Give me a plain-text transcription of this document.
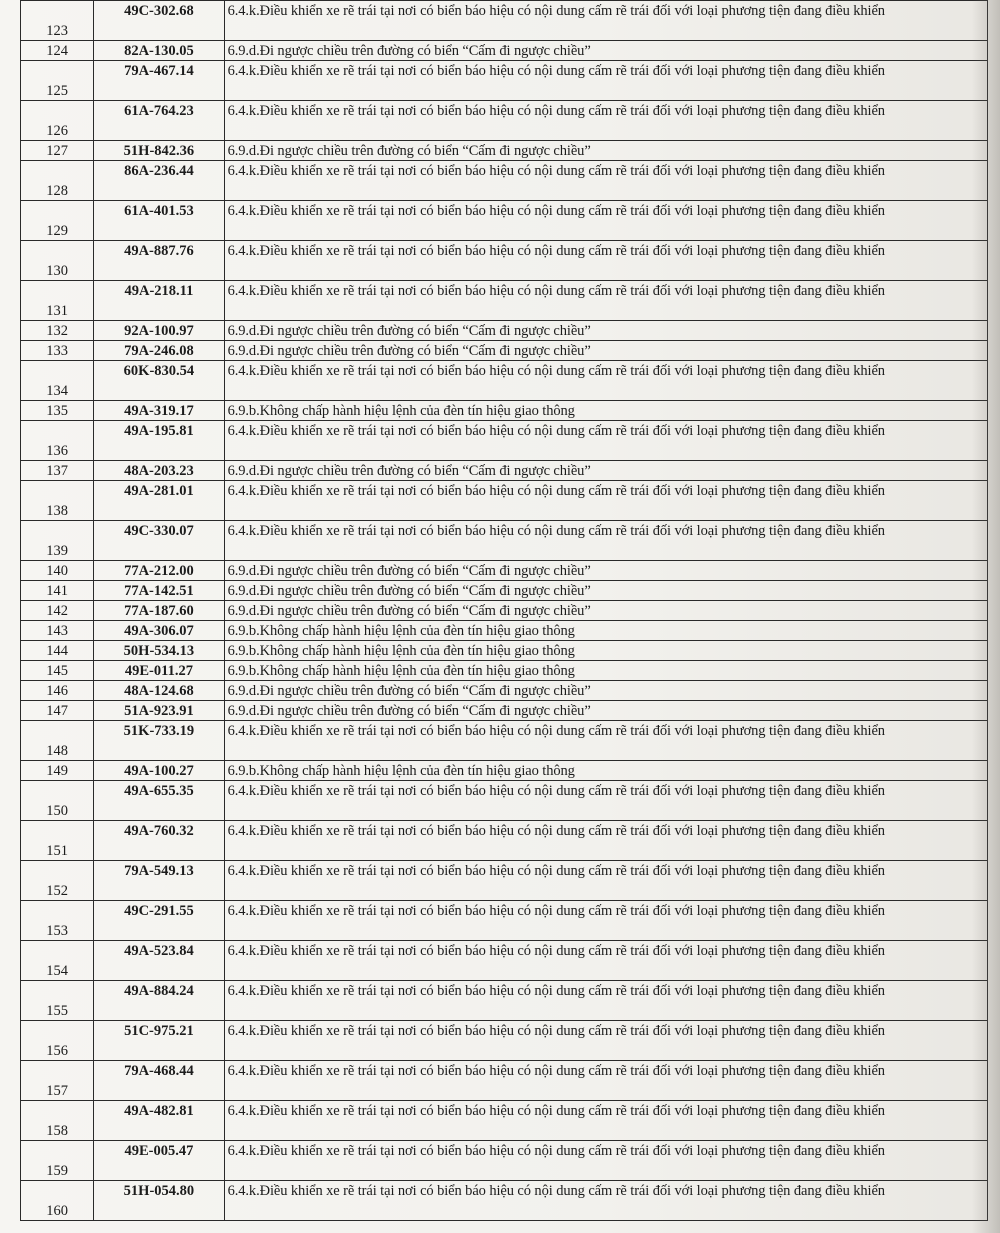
123	49C-302.68	6.4.k.Điều khiển xe rẽ trái tại nơi có biển báo hiệu có nội dung cấm rẽ trái đối với loại phương tiện đang điều khiển
124	82A-130.05	6.9.d.Đi ngược chiều trên đường có biển “Cấm đi ngược chiều”
125	79A-467.14	6.4.k.Điều khiển xe rẽ trái tại nơi có biển báo hiệu có nội dung cấm rẽ trái đối với loại phương tiện đang điều khiển
126	61A-764.23	6.4.k.Điều khiển xe rẽ trái tại nơi có biển báo hiệu có nội dung cấm rẽ trái đối với loại phương tiện đang điều khiển
127	51H-842.36	6.9.d.Đi ngược chiều trên đường có biển “Cấm đi ngược chiều”
128	86A-236.44	6.4.k.Điều khiển xe rẽ trái tại nơi có biển báo hiệu có nội dung cấm rẽ trái đối với loại phương tiện đang điều khiển
129	61A-401.53	6.4.k.Điều khiển xe rẽ trái tại nơi có biển báo hiệu có nội dung cấm rẽ trái đối với loại phương tiện đang điều khiển
130	49A-887.76	6.4.k.Điều khiển xe rẽ trái tại nơi có biển báo hiệu có nội dung cấm rẽ trái đối với loại phương tiện đang điều khiển
131	49A-218.11	6.4.k.Điều khiển xe rẽ trái tại nơi có biển báo hiệu có nội dung cấm rẽ trái đối với loại phương tiện đang điều khiển
132	92A-100.97	6.9.d.Đi ngược chiều trên đường có biển “Cấm đi ngược chiều”
133	79A-246.08	6.9.d.Đi ngược chiều trên đường có biển “Cấm đi ngược chiều”
134	60K-830.54	6.4.k.Điều khiển xe rẽ trái tại nơi có biển báo hiệu có nội dung cấm rẽ trái đối với loại phương tiện đang điều khiển
135	49A-319.17	6.9.b.Không chấp hành hiệu lệnh của đèn tín hiệu giao thông
136	49A-195.81	6.4.k.Điều khiển xe rẽ trái tại nơi có biển báo hiệu có nội dung cấm rẽ trái đối với loại phương tiện đang điều khiển
137	48A-203.23	6.9.d.Đi ngược chiều trên đường có biển “Cấm đi ngược chiều”
138	49A-281.01	6.4.k.Điều khiển xe rẽ trái tại nơi có biển báo hiệu có nội dung cấm rẽ trái đối với loại phương tiện đang điều khiển
139	49C-330.07	6.4.k.Điều khiển xe rẽ trái tại nơi có biển báo hiệu có nội dung cấm rẽ trái đối với loại phương tiện đang điều khiển
140	77A-212.00	6.9.d.Đi ngược chiều trên đường có biển “Cấm đi ngược chiều”
141	77A-142.51	6.9.d.Đi ngược chiều trên đường có biển “Cấm đi ngược chiều”
142	77A-187.60	6.9.d.Đi ngược chiều trên đường có biển “Cấm đi ngược chiều”
143	49A-306.07	6.9.b.Không chấp hành hiệu lệnh của đèn tín hiệu giao thông
144	50H-534.13	6.9.b.Không chấp hành hiệu lệnh của đèn tín hiệu giao thông
145	49E-011.27	6.9.b.Không chấp hành hiệu lệnh của đèn tín hiệu giao thông
146	48A-124.68	6.9.d.Đi ngược chiều trên đường có biển “Cấm đi ngược chiều”
147	51A-923.91	6.9.d.Đi ngược chiều trên đường có biển “Cấm đi ngược chiều”
148	51K-733.19	6.4.k.Điều khiển xe rẽ trái tại nơi có biển báo hiệu có nội dung cấm rẽ trái đối với loại phương tiện đang điều khiển
149	49A-100.27	6.9.b.Không chấp hành hiệu lệnh của đèn tín hiệu giao thông
150	49A-655.35	6.4.k.Điều khiển xe rẽ trái tại nơi có biển báo hiệu có nội dung cấm rẽ trái đối với loại phương tiện đang điều khiển
151	49A-760.32	6.4.k.Điều khiển xe rẽ trái tại nơi có biển báo hiệu có nội dung cấm rẽ trái đối với loại phương tiện đang điều khiển
152	79A-549.13	6.4.k.Điều khiển xe rẽ trái tại nơi có biển báo hiệu có nội dung cấm rẽ trái đối với loại phương tiện đang điều khiển
153	49C-291.55	6.4.k.Điều khiển xe rẽ trái tại nơi có biển báo hiệu có nội dung cấm rẽ trái đối với loại phương tiện đang điều khiển
154	49A-523.84	6.4.k.Điều khiển xe rẽ trái tại nơi có biển báo hiệu có nội dung cấm rẽ trái đối với loại phương tiện đang điều khiển
155	49A-884.24	6.4.k.Điều khiển xe rẽ trái tại nơi có biển báo hiệu có nội dung cấm rẽ trái đối với loại phương tiện đang điều khiển
156	51C-975.21	6.4.k.Điều khiển xe rẽ trái tại nơi có biển báo hiệu có nội dung cấm rẽ trái đối với loại phương tiện đang điều khiển
157	79A-468.44	6.4.k.Điều khiển xe rẽ trái tại nơi có biển báo hiệu có nội dung cấm rẽ trái đối với loại phương tiện đang điều khiển
158	49A-482.81	6.4.k.Điều khiển xe rẽ trái tại nơi có biển báo hiệu có nội dung cấm rẽ trái đối với loại phương tiện đang điều khiển
159	49E-005.47	6.4.k.Điều khiển xe rẽ trái tại nơi có biển báo hiệu có nội dung cấm rẽ trái đối với loại phương tiện đang điều khiển
160	51H-054.80	6.4.k.Điều khiển xe rẽ trái tại nơi có biển báo hiệu có nội dung cấm rẽ trái đối với loại phương tiện đang điều khiển
